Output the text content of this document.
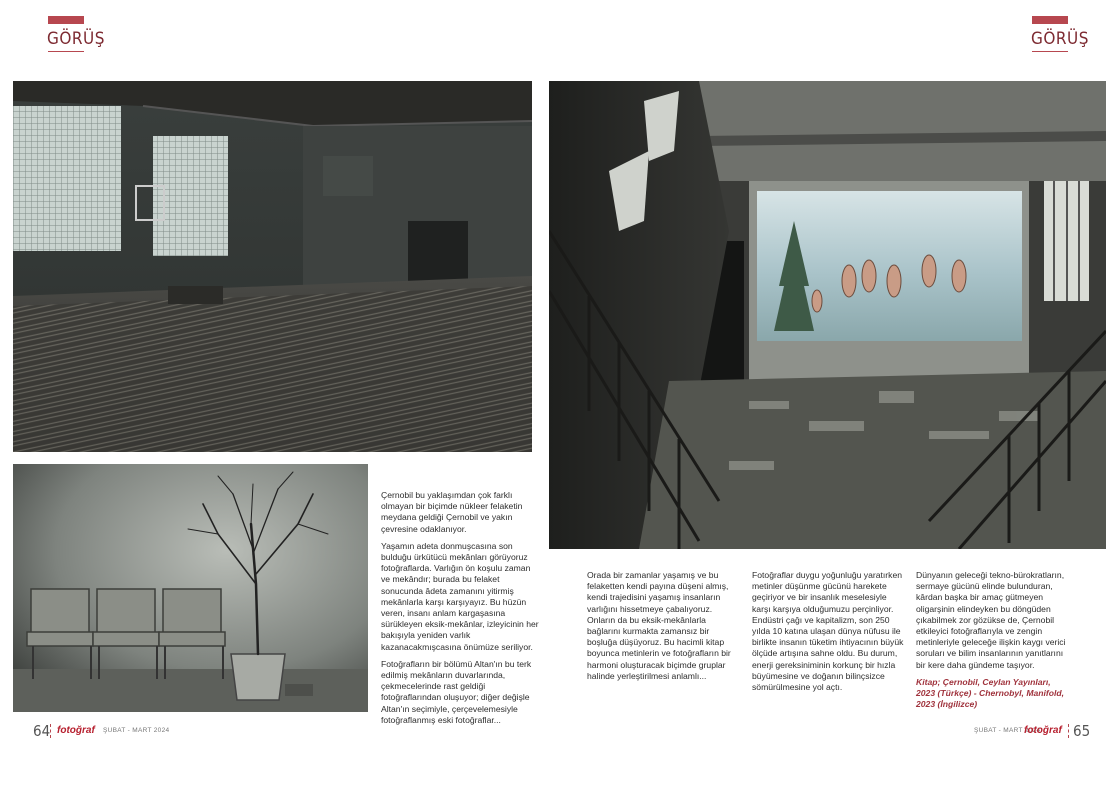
GÖRÜŞ	GÖRÜŞ

Çernobil bu yaklaşımdan çok farklı olmayan bir biçimde nükleer felaketin meydana geldiği Çernobil ve yakın çevresine odaklanıyor.

Yaşamın adeta donmuşcasına son bulduğu ürkütücü mekânları görüyoruz fotoğraflarda. Varlığın ön koşulu zaman ve mekândır; burada bu felaket sonucunda âdeta zamanını yitirmiş mekânlarla karşı karşıyayız. Bu hüzün veren, insanı anlam kargaşasına sürükleyen eksik-mekânlar, izleyicinin her bakışıyla yeniden varlık kazanacakmışcasına önümüze seriliyor.

Fotoğrafların bir bölümü Altan'ın bu terk edilmiş mekânların duvarlarında, çekmecelerinde rast geldiği fotoğraflarından oluşuyor; diğer değişle Altan'ın seçimiyle, çerçevelemesiyle fotoğraflanmış eski fotoğraflar...

Orada bir zamanlar yaşamış ve bu felaketten kendi payına düşeni almış, kendi trajedisini yaşamış insanların varlığını hissetmeye çabalıyoruz. Onların da bu eksik-mekânlarla bağlarını kurmakta zamansız bir boşluğa düşüyoruz. Bu hacimli kitap boyunca metinlerin ve fotoğrafların bir harmoni oluşturacak biçimde gruplar halinde yerleştirilmesi anlamlı...

Fotoğraflar duygu yoğunluğu yaratırken metinler düşünme gücünü harekete geçiriyor ve bir insanlık meselesiyle karşı karşıya olduğumuzu perçinliyor. Endüstri çağı ve kapitalizm, son 250 yılda 10 katına ulaşan dünya nüfusu ile birlikte insanın tüketim ihtiyacının büyük ölçüde artışına sahne oldu. Bu durum, enerji gereksiniminin korkunç bir hızla büyümesine ve doğanın bilinçsizce sömürülmesine yol açtı.

Dünyanın geleceği tekno-bürokratların, sermaye gücünü elinde bulunduran, kârdan başka bir amaç gütmeyen oligarşinin elindeyken bu döngüden çıkabilmek zor gözükse de, Çernobil etkileyici fotoğraflarıyla ve zengin metinleriyle geleceğe ilişkin kaygı verici soruları ve bilim insanlarının yanıtlarını bir kere daha gündeme taşıyor.

Kitap; Çernobil, Ceylan Yayınları, 2023 (Türkçe) - Chernobyl, Manifold, 2023 (İngilizce)

64 fotoğraf ŞUBAT - MART 2024	ŞUBAT - MART 2024
fotoğraf 65
